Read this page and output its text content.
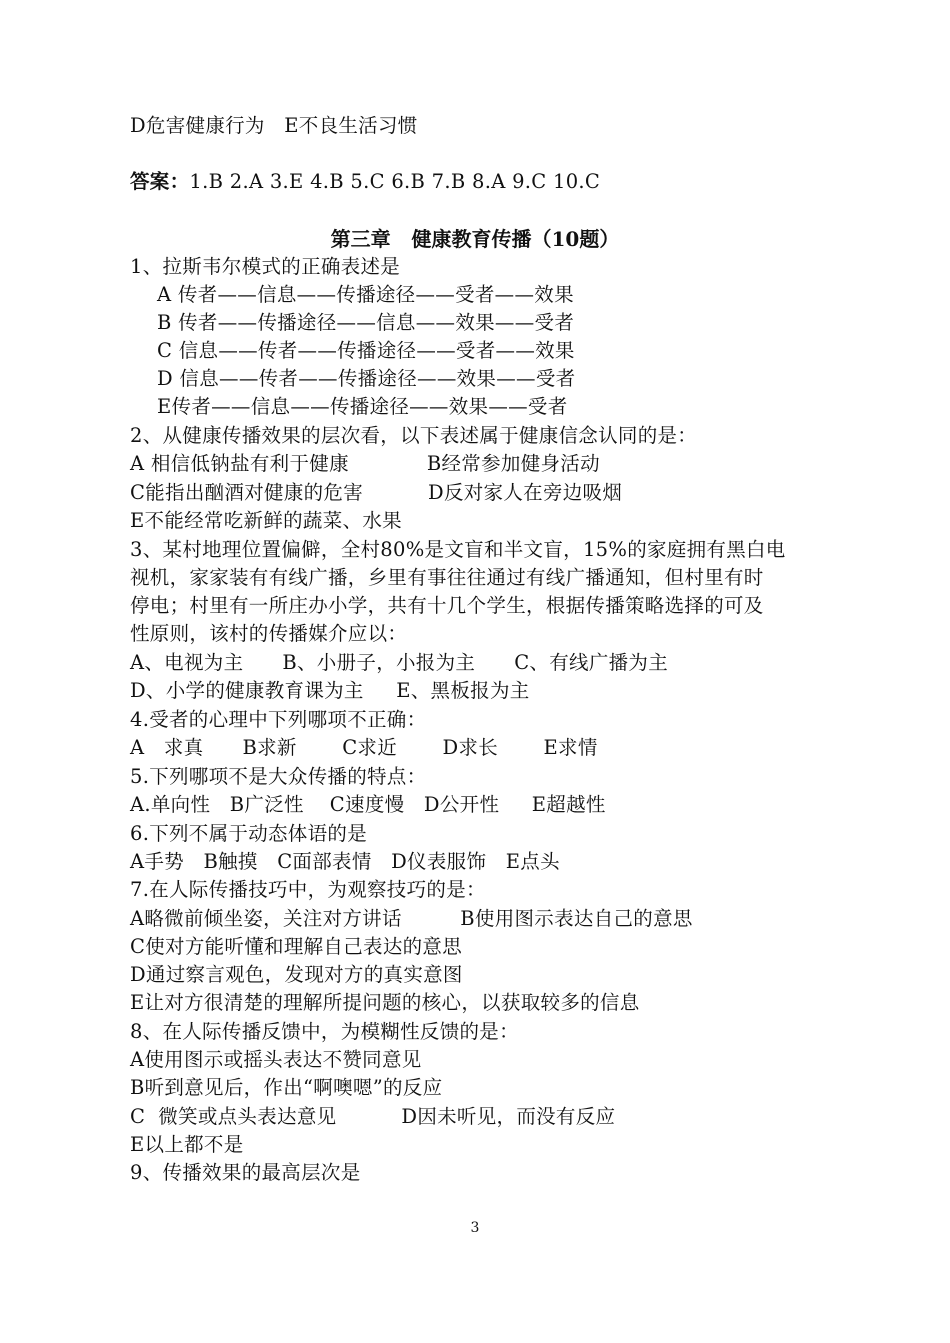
D危害健康行为   E不良生活习惯
答案：1.B 2.A 3.E 4.B 5.C 6.B 7.B 8.A 9.C 10.C
第三章   健康教育传播（10题）
1、拉斯韦尔模式的正确表述是
A 传者——信息——传播途径——受者——效果
B 传者——传播途径——信息——效果——受者
C 信息——传者——传播途径——受者——效果
D 信息——传者——传播途径——效果——受者
E传者——信息——传播途径——效果——受者
2、从健康传播效果的层次看，以下表述属于健康信念认同的是：
A 相信低钠盐有利于健康            B经常参加健身活动
C能指出酗酒对健康的危害          D反对家人在旁边吸烟
E不能经常吃新鲜的蔬菜、水果
3、某村地理位置偏僻，全村80%是文盲和半文盲，15%的家庭拥有黑白电
视机，家家装有有线广播，乡里有事往往通过有线广播通知，但村里有时
停电；村里有一所庄办小学，共有十几个学生，根据传播策略选择的可及
性原则，该村的传播媒介应以：
A、电视为主      B、小册子，小报为主      C、有线广播为主
D、小学的健康教育课为主     E、黑板报为主
4.受者的心理中下列哪项不正确：
A   求真      B求新       C求近       D求长       E求情
5.下列哪项不是大众传播的特点：
A.单向性   B广泛性    C速度慢   D公开性     E超越性
6.下列不属于动态体语的是
A手势   B触摸   C面部表情   D仪表服饰   E点头
7.在人际传播技巧中，为观察技巧的是：
A略微前倾坐姿，关注对方讲话         B使用图示表达自己的意思
C使对方能听懂和理解自己表达的意思
D通过察言观色，发现对方的真实意图
E让对方很清楚的理解所提问题的核心，以获取较多的信息
8、在人际传播反馈中，为模糊性反馈的是：
A使用图示或摇头表达不赞同意见
B听到意见后，作出“啊噢嗯”的反应
C  微笑或点头表达意见          D因未听见，而没有反应
E以上都不是
9、传播效果的最高层次是
3
